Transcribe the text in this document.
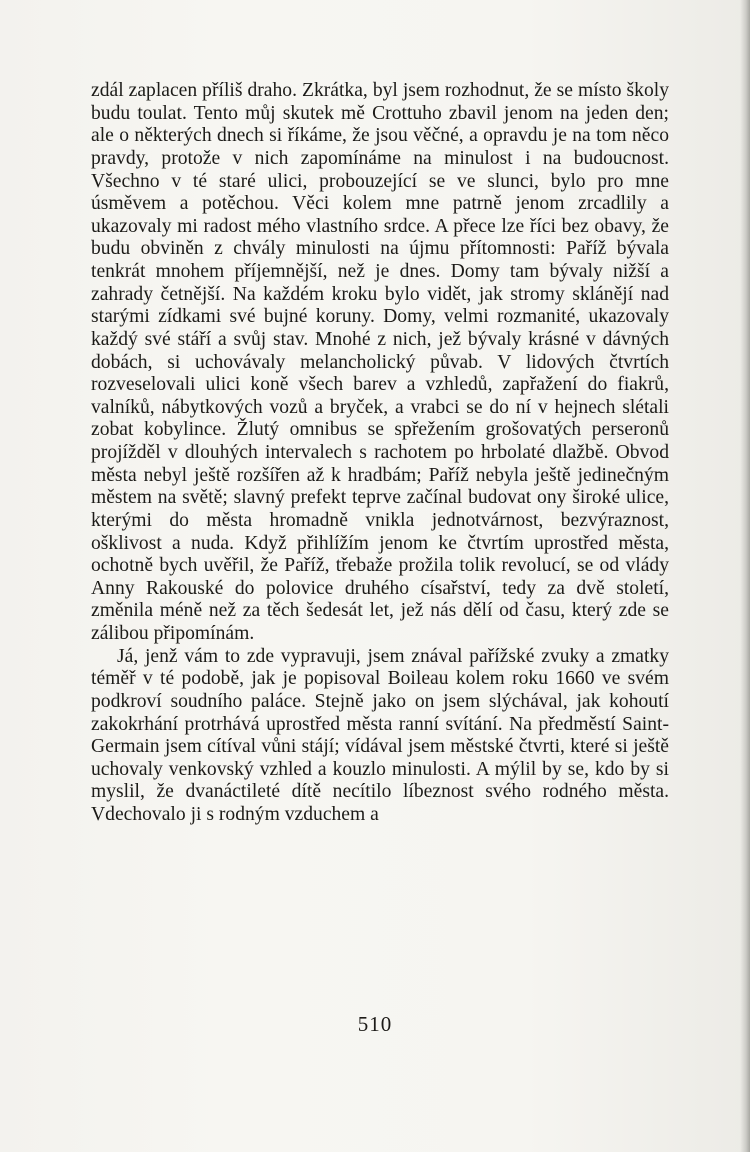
zdál zaplacen příliš draho. Zkrátka, byl jsem rozhodnut, že se místo školy budu toulat. Tento můj skutek mě Crottuho zbavil jenom na jeden den; ale o některých dnech si říkáme, že jsou věčné, a opravdu je na tom něco pravdy, protože v nich zapomínáme na minulost i na budoucnost. Všechno v té staré ulici, probouzející se ve slunci, bylo pro mne úsměvem a potěchou. Věci kolem mne patrně jenom zrcadlily a ukazovaly mi radost mého vlastního srdce. A přece lze říci bez obavy, že budu obviněn z chvály minulosti na újmu přítomnosti: Paříž bývala tenkrát mnohem příjemnější, než je dnes. Domy tam bývaly nižší a zahrady četnější. Na každém kroku bylo vidět, jak stromy sklánějí nad starými zídkami své bujné koruny. Domy, velmi rozmanité, ukazovaly každý své stáří a svůj stav. Mnohé z nich, jež bývaly krásné v dávných dobách, si uchovávaly melancholický půvab. V lidových čtvrtích rozveselovali ulici koně všech barev a vzhledů, zapřažení do fiakrů, valníků, nábytkových vozů a bryček, a vrabci se do ní v hejnech slétali zobat kobylince. Žlutý omnibus se spřežením grošovatých perseronů projížděl v dlouhých intervalech s rachotem po hrbolaté dlažbě. Obvod města nebyl ještě rozšířen až k hradbám; Paříž nebyla ještě jedinečným městem na světě; slavný prefekt teprve začínal budovat ony široké ulice, kterými do města hromadně vnikla jednotvárnost, bezvýraznost, ošklivost a nuda. Když přihlížím jenom ke čtvrtím uprostřed města, ochotně bych uvěřil, že Paříž, třebaže prožila tolik revolucí, se od vlády Anny Rakouské do polovice druhého císařství, tedy za dvě století, změnila méně než za těch šedesát let, jež nás dělí od času, který zde se zálibou připomínám.

Já, jenž vám to zde vypravuji, jsem znával pařížské zvuky a zmatky téměř v té podobě, jak je popisoval Boileau kolem roku 1660 ve svém podkroví soudního paláce. Stejně jako on jsem slýchával, jak kohoutí zakokrhání protrhává uprostřed města ranní svítání. Na předměstí Saint-Germain jsem cítíval vůni stájí; vídával jsem městské čtvrti, které si ještě uchovaly venkovský vzhled a kouzlo minulosti. A mýlil by se, kdo by si myslil, že dvanáctileté dítě necítilo líbeznost svého rodného města. Vdechovalo ji s rodným vzduchem a

510
